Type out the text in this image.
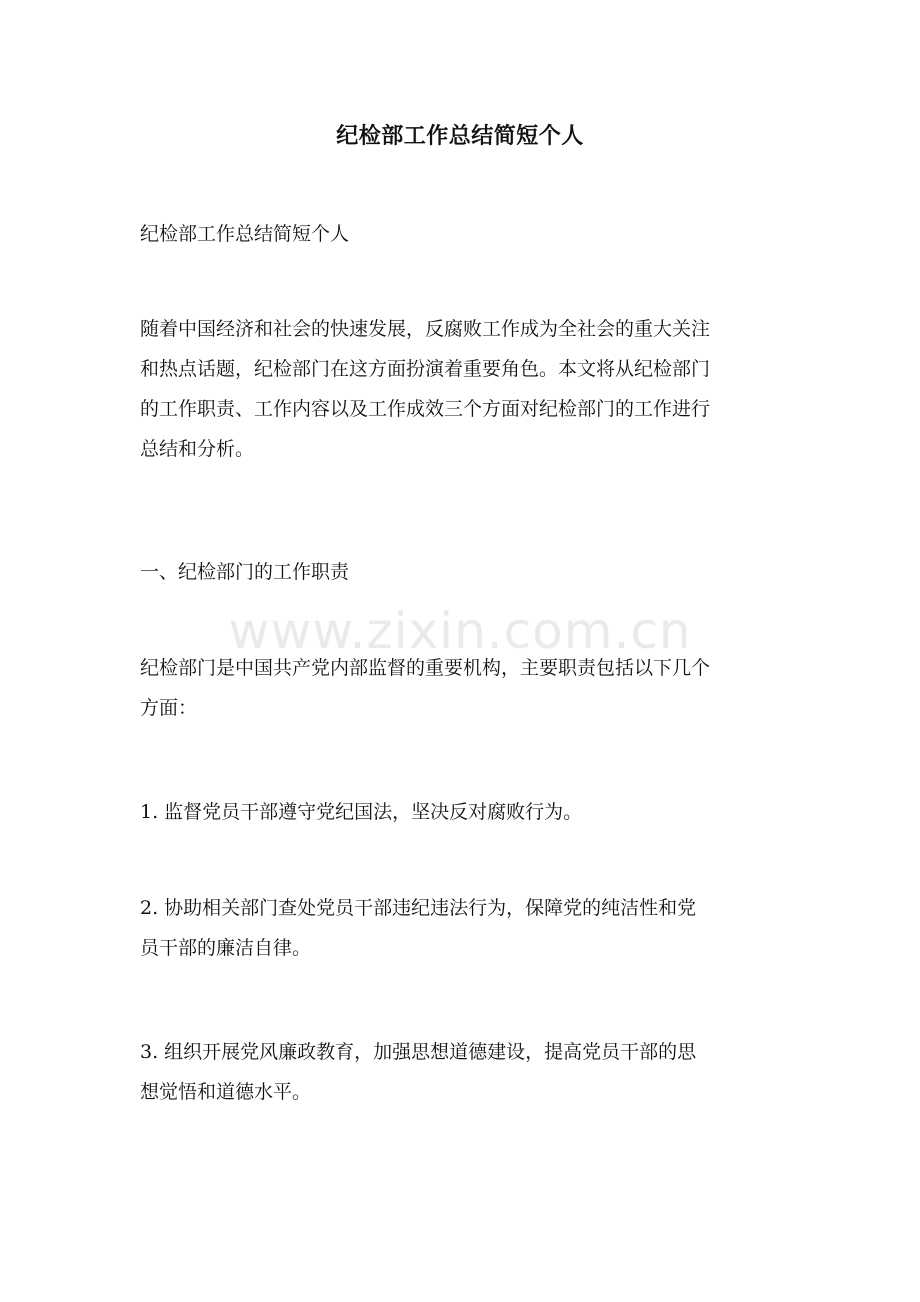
纪检部工作总结简短个人
纪检部工作总结简短个人
随着中国经济和社会的快速发展，反腐败工作成为全社会的重大关注
和热点话题，纪检部门在这方面扮演着重要角色。本文将从纪检部门
的工作职责、工作内容以及工作成效三个方面对纪检部门的工作进行
总结和分析。
一、纪检部门的工作职责
纪检部门是中国共产党内部监督的重要机构，主要职责包括以下几个
方面：
1. 监督党员干部遵守党纪国法，坚决反对腐败行为。
2. 协助相关部门查处党员干部违纪违法行为，保障党的纯洁性和党
员干部的廉洁自律。
3. 组织开展党风廉政教育，加强思想道德建设，提高党员干部的思
想觉悟和道德水平。
www.zixin.com.cn
